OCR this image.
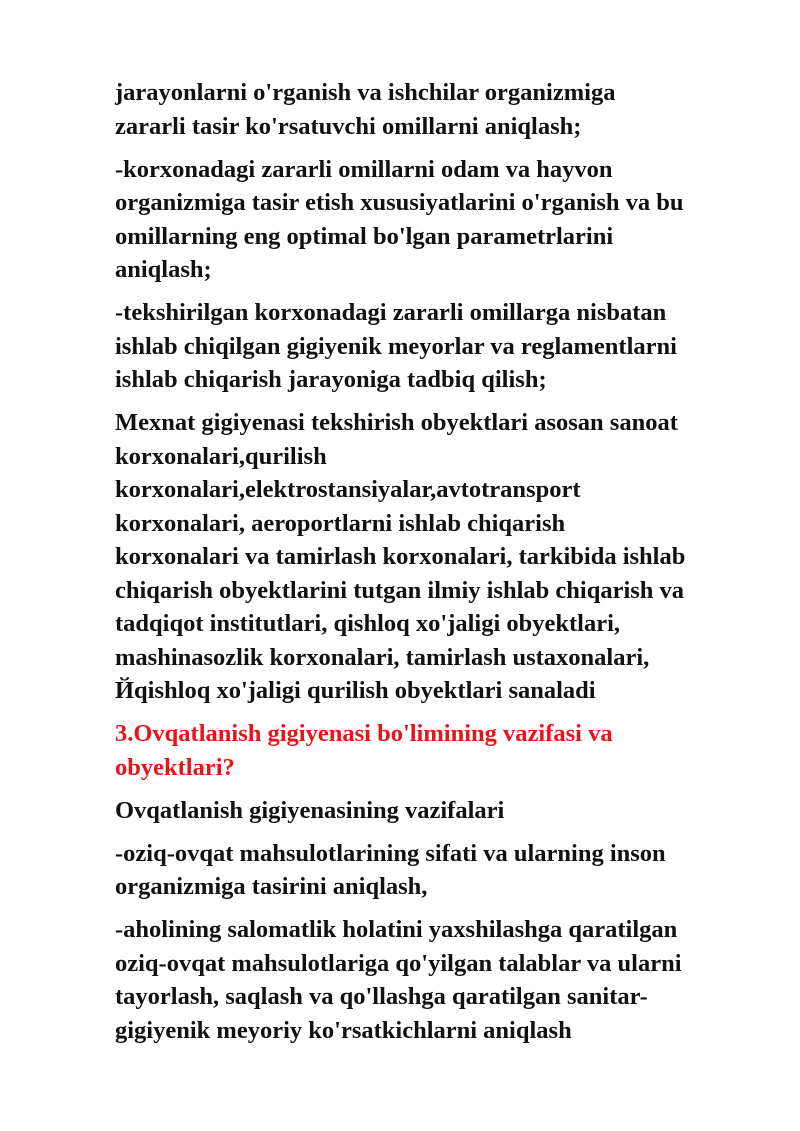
jarayonlarni o'rganish va ishchilar organizmiga
zararli tasir ko'rsatuvchi omillarni aniqlash;
-korxonadagi zararli omillarni odam va hayvon
organizmiga tasir etish xususiyatlarini o'rganish va bu
omillarning eng optimal bo'lgan parametrlarini
aniqlash;
-tekshirilgan korxonadagi zararli omillarga nisbatan
ishlab chiqilgan gigiyenik meyorlar va reglamentlarni
ishlab chiqarish jarayoniga tadbiq qilish;
Mexnat gigiyenasi tekshirish obyektlari asosan sanoat
korxonalari,qurilish
korxonalari,elektrostansiyalar,avtotransport
korxonalari, aeroportlarni ishlab chiqarish
korxonalari va tamirlash korxonalari, tarkibida ishlab
chiqarish obyektlarini tutgan ilmiy ishlab chiqarish va
tadqiqot institutlari, qishloq xo'jaligi obyektlari,
mashinasozlik korxonalari, tamirlash ustaxonalari,
Йqishloq xo'jaligi qurilish obyektlari sanaladi
3.Ovqatlanish gigiyenasi bo'limining vazifasi va
obyektlari?
Ovqatlanish gigiyenasining vazifalari
-oziq-ovqat mahsulotlarining sifati va ularning inson
organizmiga tasirini aniqlash,
-aholining salomatlik holatini yaxshilashga qaratilgan
oziq-ovqat mahsulotlariga qo'yilgan talablar va ularni
tayorlash, saqlash va qo'llashga qaratilgan sanitar-
gigiyenik meyoriy ko'rsatkichlarni aniqlash
